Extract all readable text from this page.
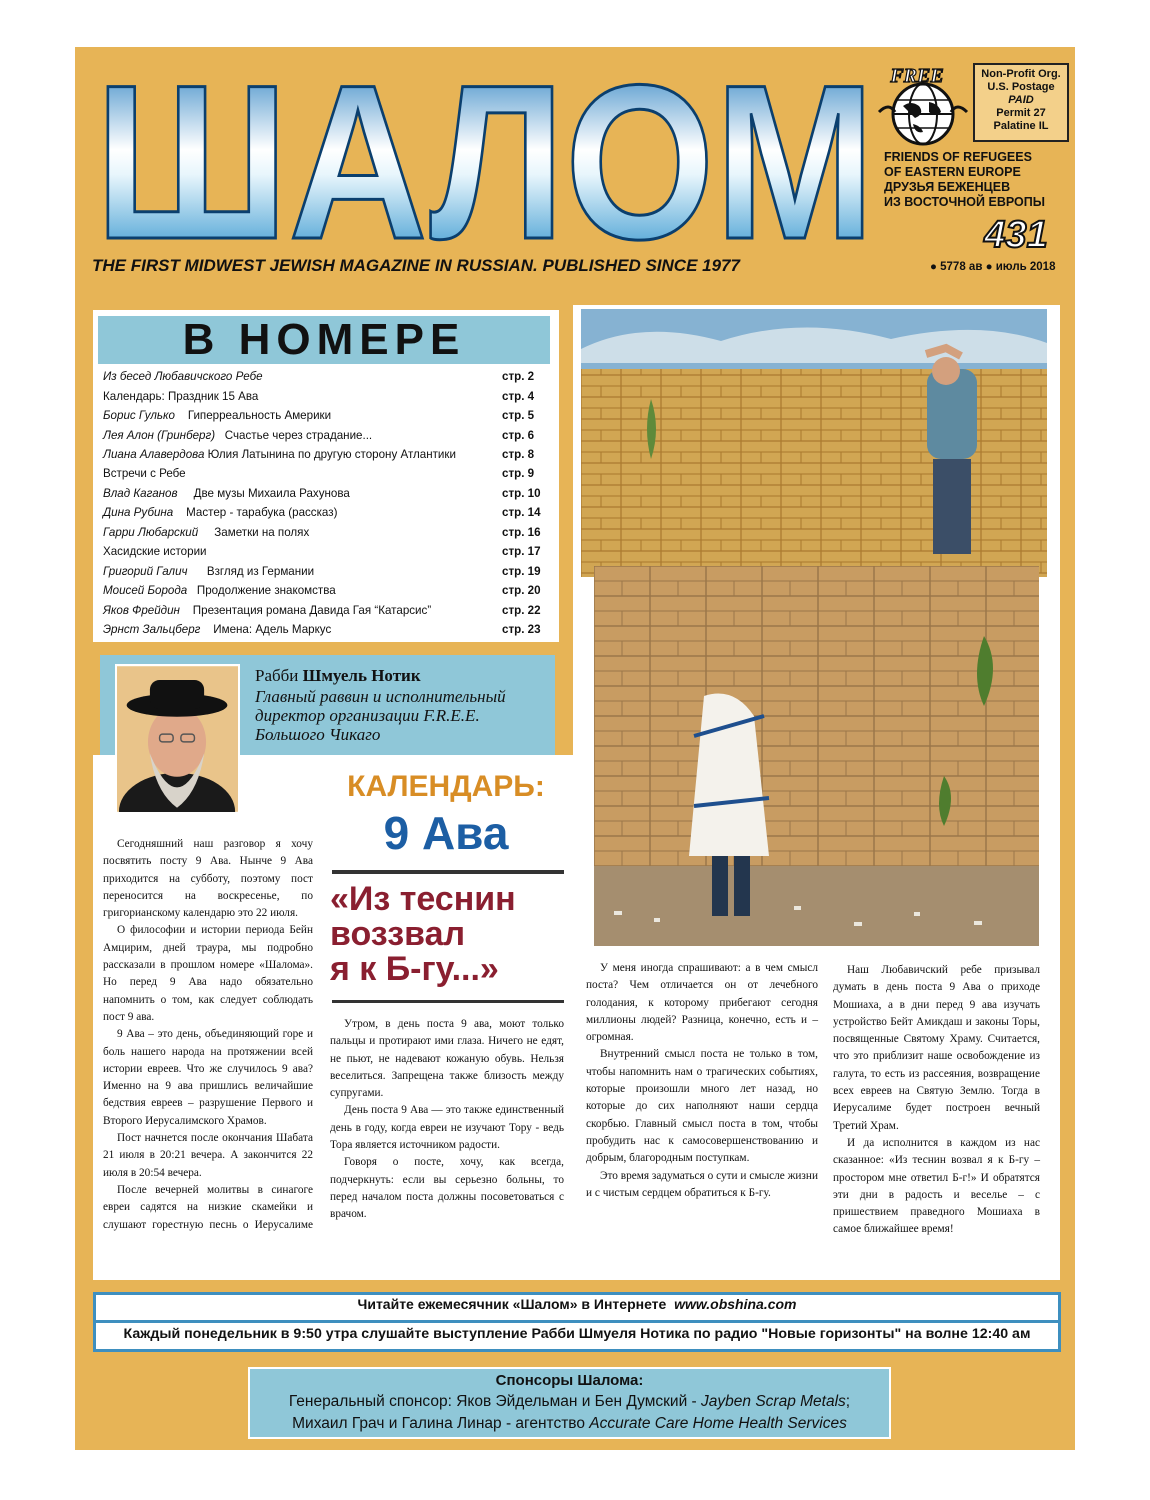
ШАЛОМ FREE	Non-Profit Org.
U.S. Postage
PAID
Permit 27
Palatine IL
FRIENDS OF REFUGEES
OF EASTERN EUROPE
ДРУЗЬЯ БЕЖЕНЦЕВ
ИЗ ВОСТОЧНОЙ ЕВРОПЫ
431
THE FIRST MIDWEST JEWISH MAGAZINE IN RUSSIAN. PUBLISHED SINCE 1977	● 5778 ав ● июль 2018
В НОМЕРЕ
Из бесед Любавичского Ребе	стр. 2
Календарь: Праздник 15 Ава	стр. 4
Борис Гулько Гиперреальность Америки	стр. 5
Лея Алон (Гринберг) Счастье через страдание...	стр. 6
Лиана Алавердова Юлия Латынина по другую сторону Атлантики	стр. 8
Встречи с Ребе	стр. 9
Влад Каганов Две музы Михаила Рахунова	стр. 10
Дина Рубина Мастер - тарабука (рассказ)	стр. 14
Гарри Любарский Заметки на полях	стр. 16
Хасидские истории	стр. 17
Григорий Галич Взгляд из Германии	стр. 19
Моисей Борода Продолжение знакомства	стр. 20
Яков Фрейдин Презентация романа Давида Гая “Катарсис”	стр. 22
Эрнст Зальцберг Имена: Адель Маркус	стр. 23
Рабби Шмуель Нотик
Главный раввин и исполнительный
директор организации F.R.E.E.
Большого Чикаго
КАЛЕНДАРЬ:
9 Ава
«Из теснин
воззвал
я к Б-гу...»

Сегодняшний наш разговор я хочу посвятить посту 9 Ава. Нынче 9 Ава приходится на субботу, поэтому пост переносится на воскресенье, по григорианскому календарю это 22 июля.

О философии и истории периода Бейн Амцирим, дней траура, мы подробно рассказали в прошлом номере «Шалома». Но перед 9 Ава надо обязательно напомнить о том, как следует соблюдать пост 9 ава.

9 Ава – это день, объединяющий горе и боль нашего народа на протяжении всей истории евреев. Что же случилось 9 ава? Именно на 9 ава пришлись величайшие бедствия евреев – разрушение Первого и Второго Иерусалимского Храмов.

Пост начнется после окончания Шабата 21 июля в 20:21 вечера. А закончится 22 июля в 20:54 вечера.

После вечерней молитвы в синагоге евреи садятся на низкие скамейки и слушают горестную песнь о Иерусалиме

Утром, в день поста 9 ава, моют только пальцы и протирают ими глаза. Ничего не едят, не пьют, не надевают кожаную обувь. Нельзя веселиться. Запрещена также близость между супругами.

День поста 9 Ава — это также единственный день в году, когда евреи не изучают Тору - ведь Тора является источником радости.

Говоря о посте, хочу, как всегда, подчеркнуть: если вы серьезно больны, то перед началом поста должны посоветоваться с врачом.

У меня иногда спрашивают: а в чем смысл поста? Чем отличается он от лечебного голодания, к которому прибегают сегодня миллионы людей? Разница, конечно, есть и – огромная.

Внутренний смысл поста не только в том, чтобы напомнить нам о трагических событиях, которые произошли много лет назад, но которые до сих наполняют наши сердца скорбью. Главный смысл поста в том, чтобы пробудить нас к самосовершенствованию и добрым, благородным поступкам.

Это время задуматься о сути и смысле жизни и с чистым сердцем обратиться к Б-гу.

Наш Любавичский ребе призывал думать в день поста 9 Ава о приходе Мошиаха, а в дни перед 9 ава изучать устройство Бейт Амикдаш и законы Торы, посвященные Святому Храму. Считается, что это приблизит наше освобождение из галута, то есть из рассеяния, возвращение всех евреев на Святую Землю. Тогда в Иерусалиме будет построен вечный Третий Храм.

И да исполнится в каждом из нас сказанное: «Из теснин возвал я к Б-гу – простором мне ответил Б-г!» И обратятся эти дни в радость и веселье – с пришествием праведного Мошиаха в самое ближайшее время!

Читайте ежемесячник «Шалом» в Интернете www.obshina.com
Каждый понедельник в 9:50 утра слушайте выступление Рабби Шмуеля Нотика по радио "Новые горизонты" на волне 12:40 ам
Спонсоры Шалома:
Генеральный спонсор: Яков Эйдельман и Бен Думский - Jayben Scrap Metals;
Михаил Грач и Галина Линар - агентство Accurate Care Home Health Services
